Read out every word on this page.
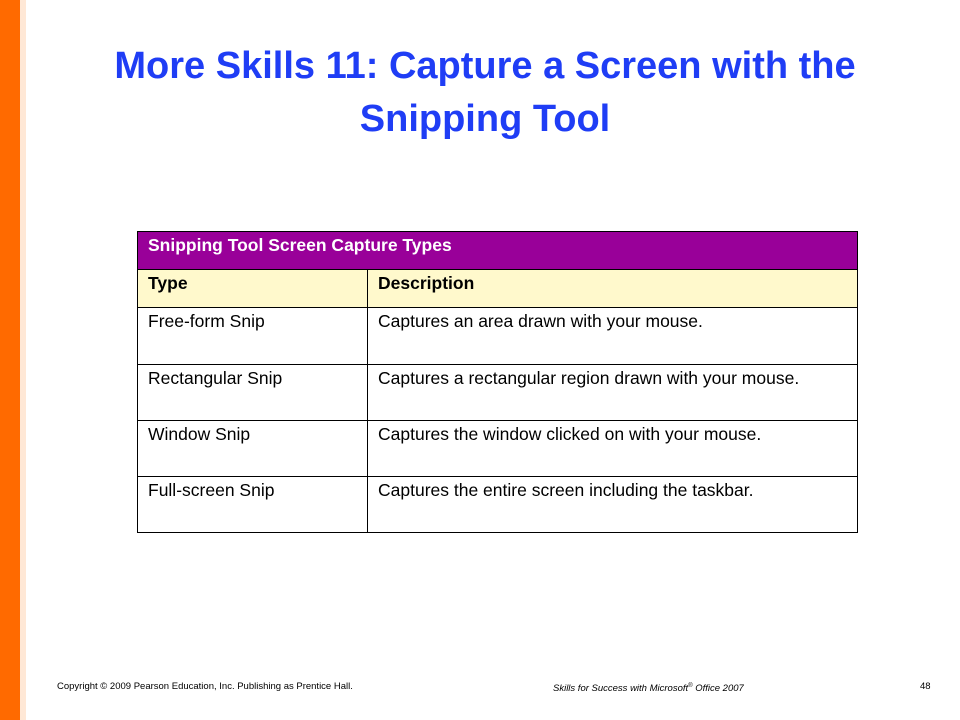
More Skills 11: Capture a Screen with the Snipping Tool
Snipping Tool Screen Capture Types	
Type	Description
Free-form Snip	Captures an area drawn with your mouse.
Rectangular Snip	Captures a rectangular region drawn with your mouse.
Window Snip	Captures the window clicked on with your mouse.
Full-screen Snip	Captures the entire screen including the taskbar.
Copyright © 2009 Pearson Education, Inc. Publishing as Prentice Hall.	Skills for Success with Microsoft® Office 2007	48
